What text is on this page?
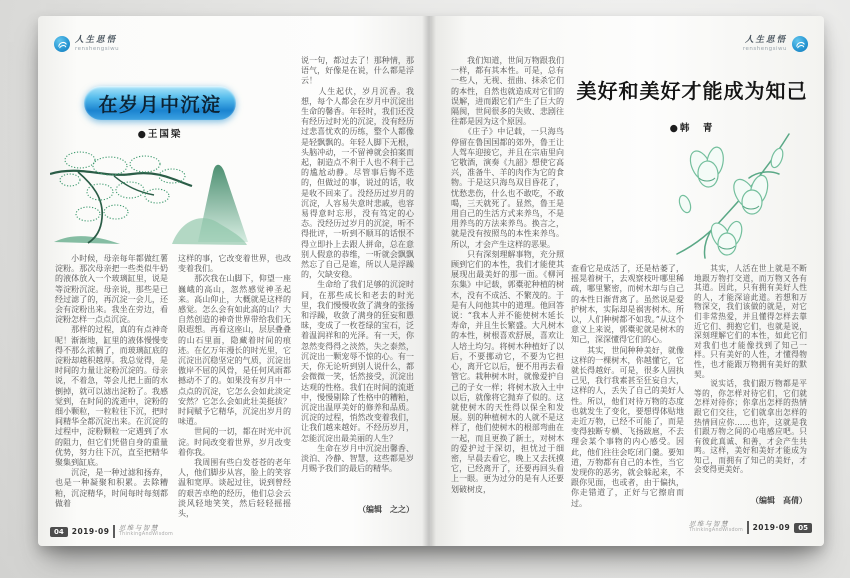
人生思悟
renshengsiwu
在岁月中沉淀
●王国梁

　　小时候，母亲每年都做红薯淀粉。那次母亲把一些类似牛奶的液体放入一个玻璃缸里，说是等淀粉沉淀。母亲说，那些是已经过滤了的，再沉淀一会儿，还会有淀粉出来。我坐在旁边，看淀粉怎样一点点沉淀。

　　那样的过程，真的有点神奇呢！渐渐地，缸里的液体慢慢变得不那么浓稠了，而玻璃缸底的淀粉却越积越厚。我总觉得，是时间的力量让淀粉沉淀的。母亲说，不着急，等会儿把上面的水倒掉，就可以滤出淀粉了。我感觉到，在时间的流逝中，淀粉的细小颗粒，一粒粒往下沉，把时间精华全都沉淀出来。在沉淀的过程中，淀粉颗粒一定遇到了水的阻力，但它们凭借自身的重量优势，努力往下沉，直至把精华聚集到缸底。

　　沉淀，是一种过滤和扬弃，也是一种凝聚和积累。去除糟粕，沉淀精华，时间每时每刻都做着

这样的事，它改变着世界，也改变着我们。

　　那次我在山脚下，仰望一座巍峨的高山，忽然感觉神圣起来。高山仰止，大概就是这样的感觉。怎么会有如此高的山？大自然创造的神奇世界带给我们无限遐想。再看这座山，层层叠叠的山石里面，隐藏着时间的痕迹。在亿万年漫长的时光里，它沉淀出沉稳坚定的气质，沉淀出傲岸不屈的风骨，是任何风雨都撼动不了的。如果没有岁月中一点点的沉淀，它怎么会如此淡定安然？它怎么会如此壮美挺拔？时间赋予它精华，沉淀出岁月的味道。

　　世间的一切，都在时光中沉淀。时间改变着世界，岁月改变着你我。

　　我周围有些白发苍苍的老年人，他们脚步从容，脸上的笑容温和宽厚。谈起过往，说到曾经的艰苦卓绝的经历，他们总会云淡风轻地笑笑，然后轻轻摇摇头，

说一句，都过去了！那种情，那语气，好像是在说，什么都是浮云！

　　人生起伏，岁月沉香。我想，每个人都会在岁月中沉淀出生命的馨香。年轻时，我们还没有经历过时光的沉淀，没有经历过悲喜忧欢的历练，整个人都像是轻飘飘的。年轻人脚下无根，头脑冲动，一不留神就会拍案而起，制造点不利于人也不利于己的尴尬动静。尽管事后悔不迭的，但做过的事，说过的话，收是收不回来了。没经历过岁月的沉淀，人容易失意时悲戚，也容易得意时忘形，没有笃定的心态。没经历过岁月的沉淀，听不得批评，一听到不顺耳的话恨不得立即扑上去跟人拼命，总在意别人假意的恭维，一听就会飘飘然忘了自己是谁，所以人是浮躁的，欠缺安稳。

　　生命给了我们足够的沉淀时间，在那些成长和老去的时光里，我们慢慢收敛了满身的张扬和浮躁，收敛了满身的狂妄和愚昧，变成了一枚苍绿的宝石，泛着温润祥和的光泽。有一天，你忽然变得得之淡然，失之泰然，沉淀出一颗宠辱不惊的心。有一天，你无论听到别人说什么，都会微微一笑，恬然接受，沉淀出达观的性格。我们在时间的流逝中，慢慢剔除了性格中的糟粕，沉淀出温厚美好的修养和品质。沉淀的过程，悄然改变着我们，让我们越来越好。不经历岁月，怎能沉淀出最美丽的人生？

　　生命在岁月中沉淀出馨香、淡泊、冷静、智慧，这些都是岁月赐予我们的最后的精华。

（编辑　之之）
04	2019·09 思维与智慧
ThinkingAndWisdom
人生思悟
renshengsiwu
美好和美好才能成为知己
●韩　青

　　我们知道，世间万物跟我们一样，都有其本性。可是，总有一些人，无视、扭曲、抹杀它们的本性，自然也就造成对它们的误解，进而跟它们产生了巨大的隔阂，世间很多的失败、悲剧往往都是因为这个原因。

　　《庄子》中记载，一只海鸟停留在鲁国国都的郊外，鲁王让人驾车迎接它，并且在宗庙里向它敬酒，演奏《九韶》想使它高兴，准备牛、羊的肉作为它的食物。于是这只海鸟双目昏花了，忧愁悲伤，什么也不敢吃，不敢喝，三天就死了。显然，鲁王是用自己的生活方式来养鸟，不是用养鸟的方法来养鸟。换言之，就是没有按照鸟的本性来养鸟。所以，才会产生这样的恶果。

　　只有深刻理解事物，充分照顾到它们的本性，我们才能使其展现出最美好的那一面。《柳河东集》中记载，郭橐驼种植的树木，没有不成活、不繁茂的。于是有人问他其中的道理。他回答说：“我本人并不能使树木延长寿命，并且生长繁盛。大凡树木的本性，树根喜欢舒展，喜欢让人培土均匀。将树木种植好了以后，不要挪动它，不要为它担心，离开它以后，便不用再去看管它。栽种树木时，就像爱护自己的子女一样；将树木放入土中以后，就像将它抛弃了似的。这就使树木的天性得以保全和发展。别的种植树木的人就不是这样了，他们使树木的根部弯曲在一起，而且更换了新土，对树木的爱护过于深切，担忧过于细密，早晨去看它，晚上又去抚摸它，已经离开了，还要再回头看上一眼。更为过分的是有人还要划破树皮，

查看它是成活了，还是枯萎了，摇晃着树干，去观察枝叶哪里稀疏，哪里繁密，而树木却与自己的本性日渐背离了。虽然说是爱护树木，实际却是祸害树木。所以，人们种树都不如我。”从这个意义上来说，郭橐驼就是树木的知己，深深懂得它们的心。

　　其实，世间种种美好，就像这样的一棵树木，你越懂它，它就长得越好。可是，很多人固执己见，我行我素甚至狂妄自大，这样的人，丢失了自己的美好人性。所以，他们对待万物的态度也就发生了变化，要想得体贴地走近万物，已经不可能了，而是变得独断专横、飞扬跋扈，不去理会某个事物的内心感受。因此，他们往往会吃闭门羹。要知道，万物都有自己的本性，当它发现你的恶劣，就会躲起来，不跟你见面，也或者，由于偏执，你走错道了，正好与它擦肩而过。

　　其实，人活在世上就是不断地跟万物打交道，而万物又各有其道。因此，只有拥有美好人性的人，才能深谙此道。若想和万物深交，我们该做的就是，对它们非常热爱，并且懂得怎样去靠近它们、拥抱它们，也就是说，深刻理解它们的本性，如此它们对我们也才能像找到了知己一样。只有美好的人性，才懂得物性，也才能跟万物拥有美好的默契。

　　说实话，我们跟万物都是平等的，你怎样对待它们，它们就怎样对待你；你拿出怎样的热情跟它们交往，它们就拿出怎样的热情回应你……也许，这就是我们跟万物之间的心电感应吧。只有彼此真诚、和善，才会产生共鸣。这样，美好和美好才能成为知己，而拥有了知己的美好，才会变得更美好。

（编辑　高倩）
思维与智慧
ThinkingAndWisdom 2019·09	05
